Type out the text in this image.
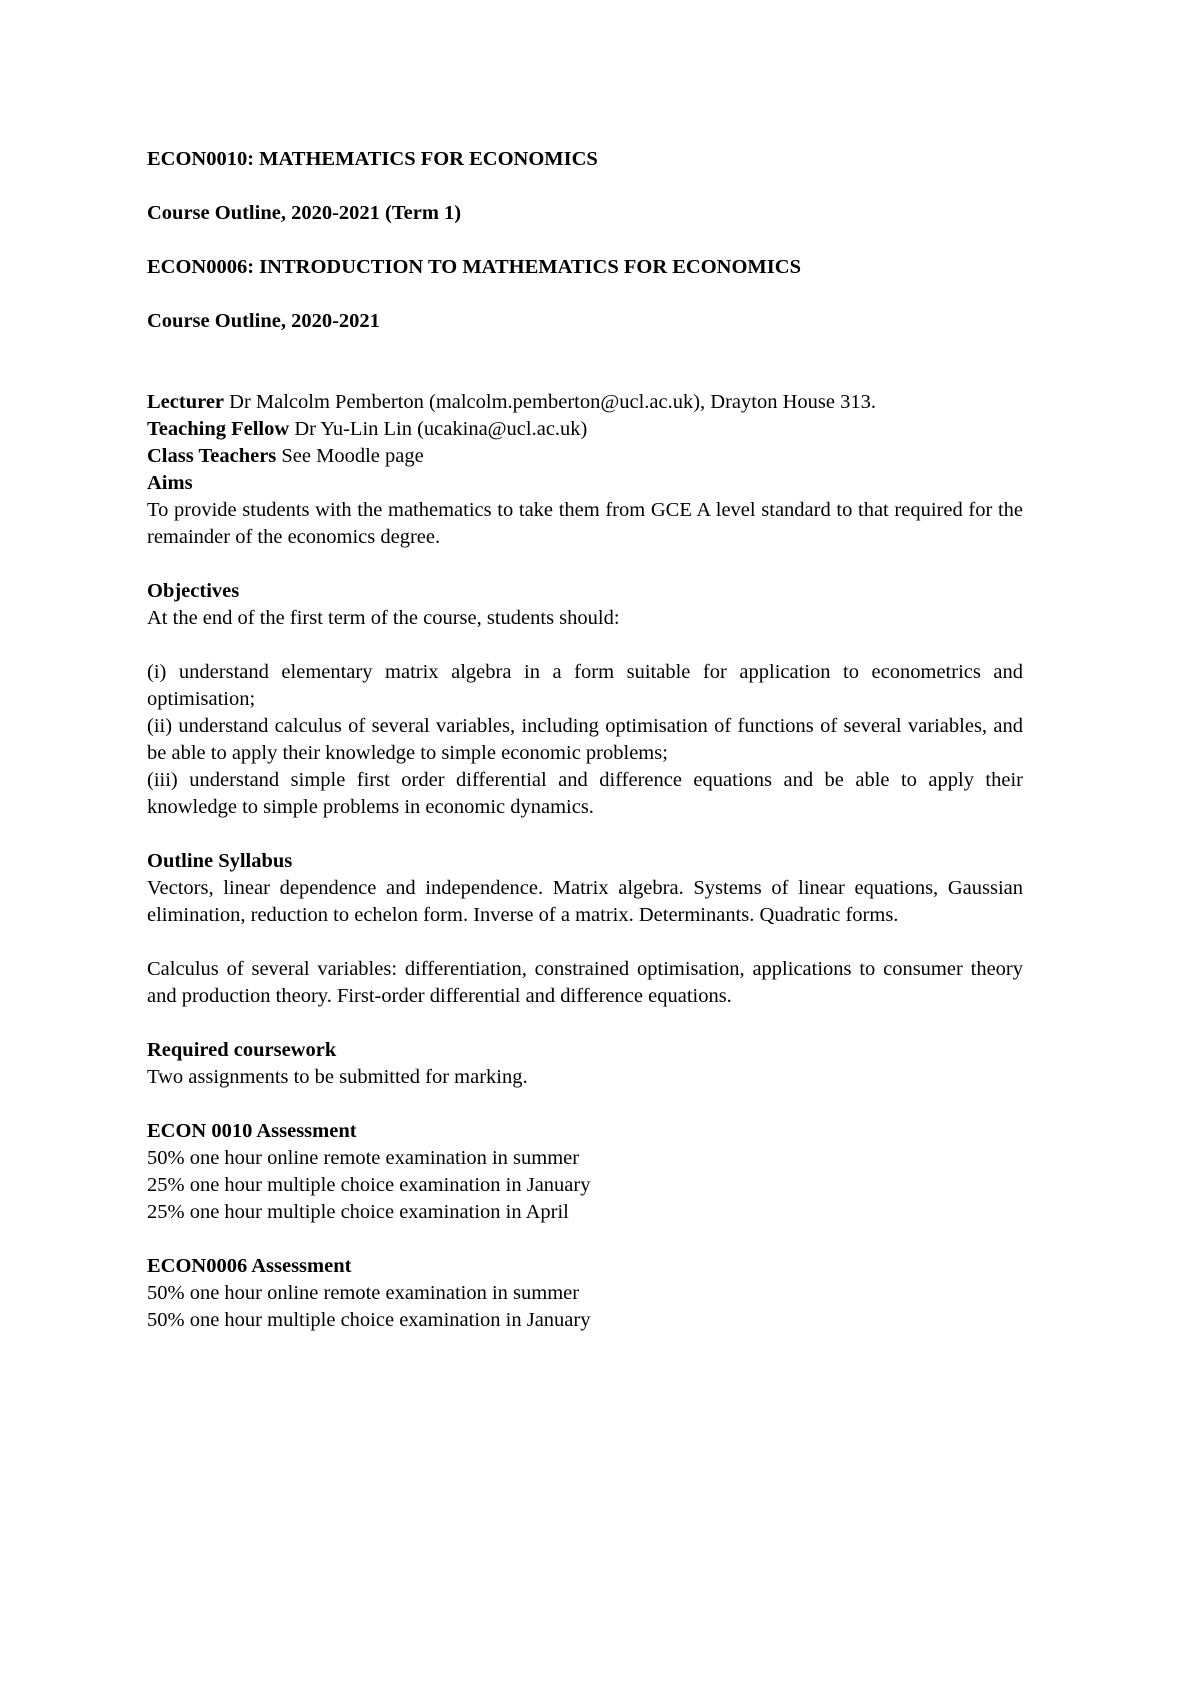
ECON0010: MATHEMATICS FOR ECONOMICS

Course Outline, 2020-2021 (Term 1)

ECON0006: INTRODUCTION TO MATHEMATICS FOR ECONOMICS

Course Outline, 2020-2021

Lecturer Dr Malcolm Pemberton (malcolm.pemberton@ucl.ac.uk), Drayton House 313.

Teaching Fellow Dr Yu-Lin Lin (ucakina@ucl.ac.uk)

Class Teachers See Moodle page

Aims

To provide students with the mathematics to take them from GCE A level standard to that required for the remainder of the economics degree.

Objectives

At the end of the first term of the course, students should:

(i) understand elementary matrix algebra in a form suitable for application to econometrics and optimisation;

(ii) understand calculus of several variables, including optimisation of functions of several variables, and be able to apply their knowledge to simple economic problems;

(iii) understand simple first order differential and difference equations and be able to apply their knowledge to simple problems in economic dynamics.

Outline Syllabus

Vectors, linear dependence and independence. Matrix algebra. Systems of linear equations, Gaussian elimination, reduction to echelon form. Inverse of a matrix. Determinants. Quadratic forms.

Calculus of several variables: differentiation, constrained optimisation, applications to consumer theory and production theory. First-order differential and difference equations.

Required coursework

Two assignments to be submitted for marking.

ECON 0010 Assessment

50% one hour online remote examination in summer

25% one hour multiple choice examination in January

25% one hour multiple choice examination in April

ECON0006 Assessment

50% one hour online remote examination in summer

50% one hour multiple choice examination in January
